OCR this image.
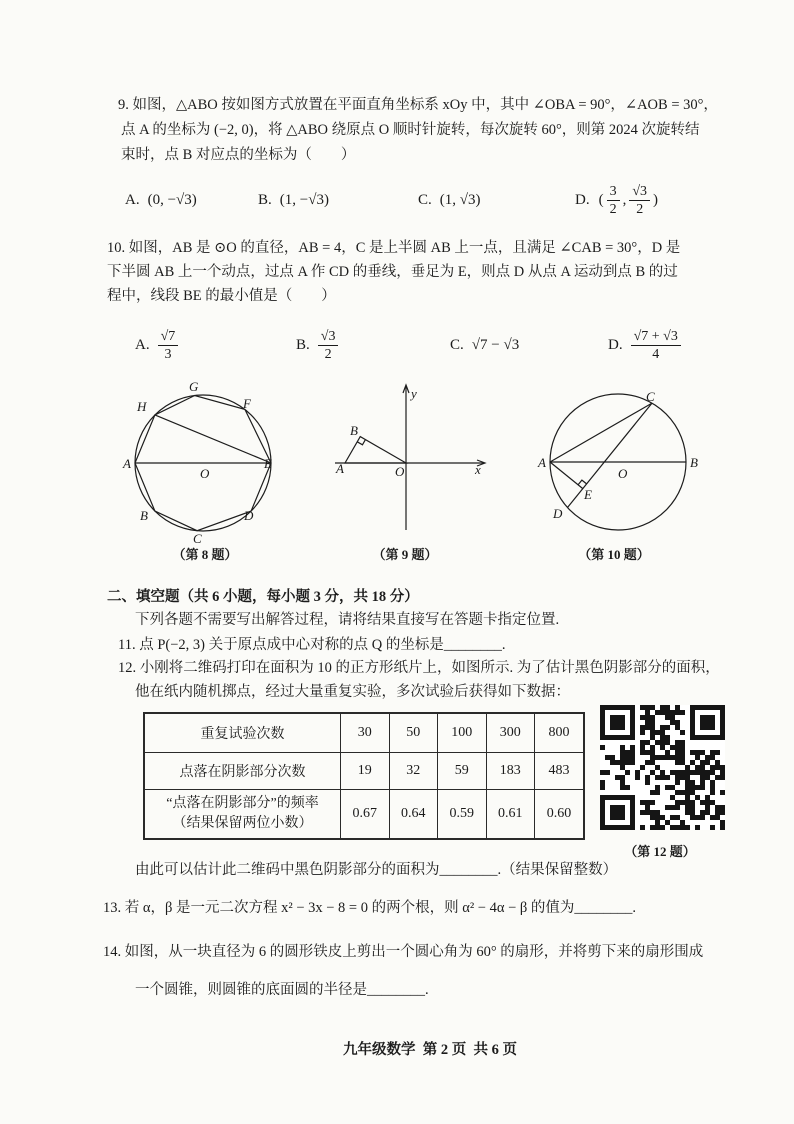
9. 如图，△ABO 按如图方式放置在平面直角坐标系 xOy 中，其中 ∠OBA = 90°，∠AOB = 30°，
点 A 的坐标为 (−2, 0)，将 △ABO 绕原点 O 顺时针旋转，每次旋转 60°，则第 2024 次旋转结
束时，点 B 对应点的坐标为（　　）
A. (0, −√3)	B. (1, −√3)	C. (1, √3)	D. ( $\frac{3}{2}$ , $\frac{√3}{2}$ )
10. 如图，AB 是 ⊙O 的直径，AB = 4，C 是上半圆 AB 上一点，且满足 ∠CAB = 30°，D 是
下半圆 AB 上一个动点，过点 A 作 CD 的垂线，垂足为 E，则点 D 从点 A 运动到点 B 的过
程中，线段 BE 的最小值是（　　）
A. $\frac{√7}{3}$	B. $\frac{√3}{2}$	C. √7 − √3	D. $\frac{√7 + √3}{4}$
H
G
F
A
O
E
B
C
D
y
x
O
A
B
A	B
O
C
D
E
（第 8 题）	（第 9 题）	（第 10 题）
二、填空题（共 6 小题，每小题 3 分，共 18 分）
下列各题不需要写出解答过程，请将结果直接写在答题卡指定位置.
11. 点 P(−2, 3) 关于原点成中心对称的点 Q 的坐标是________.
12. 小刚将二维码打印在面积为 10 的正方形纸片上，如图所示. 为了估计黑色阴影部分的面积，
他在纸内随机掷点，经过大量重复实验，多次试验后获得如下数据：
重复试验次数	30	50	100	300	800
点落在阴影部分次数	19	32	59	183	483

“点落在阴影部分”的频率
（结果保留两位小数）	0.67	0.64	0.59	0.61	0.60
（第 12 题）
由此可以估计此二维码中黑色阴影部分的面积为________.（结果保留整数）
13. 若 α，β 是一元二次方程 x² − 3x − 8 = 0 的两个根，则 α² − 4α − β 的值为________.
14. 如图，从一块直径为 6 的圆形铁皮上剪出一个圆心角为 60° 的扇形，并将剪下来的扇形围成
一个圆锥，则圆锥的底面圆的半径是________.
九年级数学  第 2 页  共 6 页
